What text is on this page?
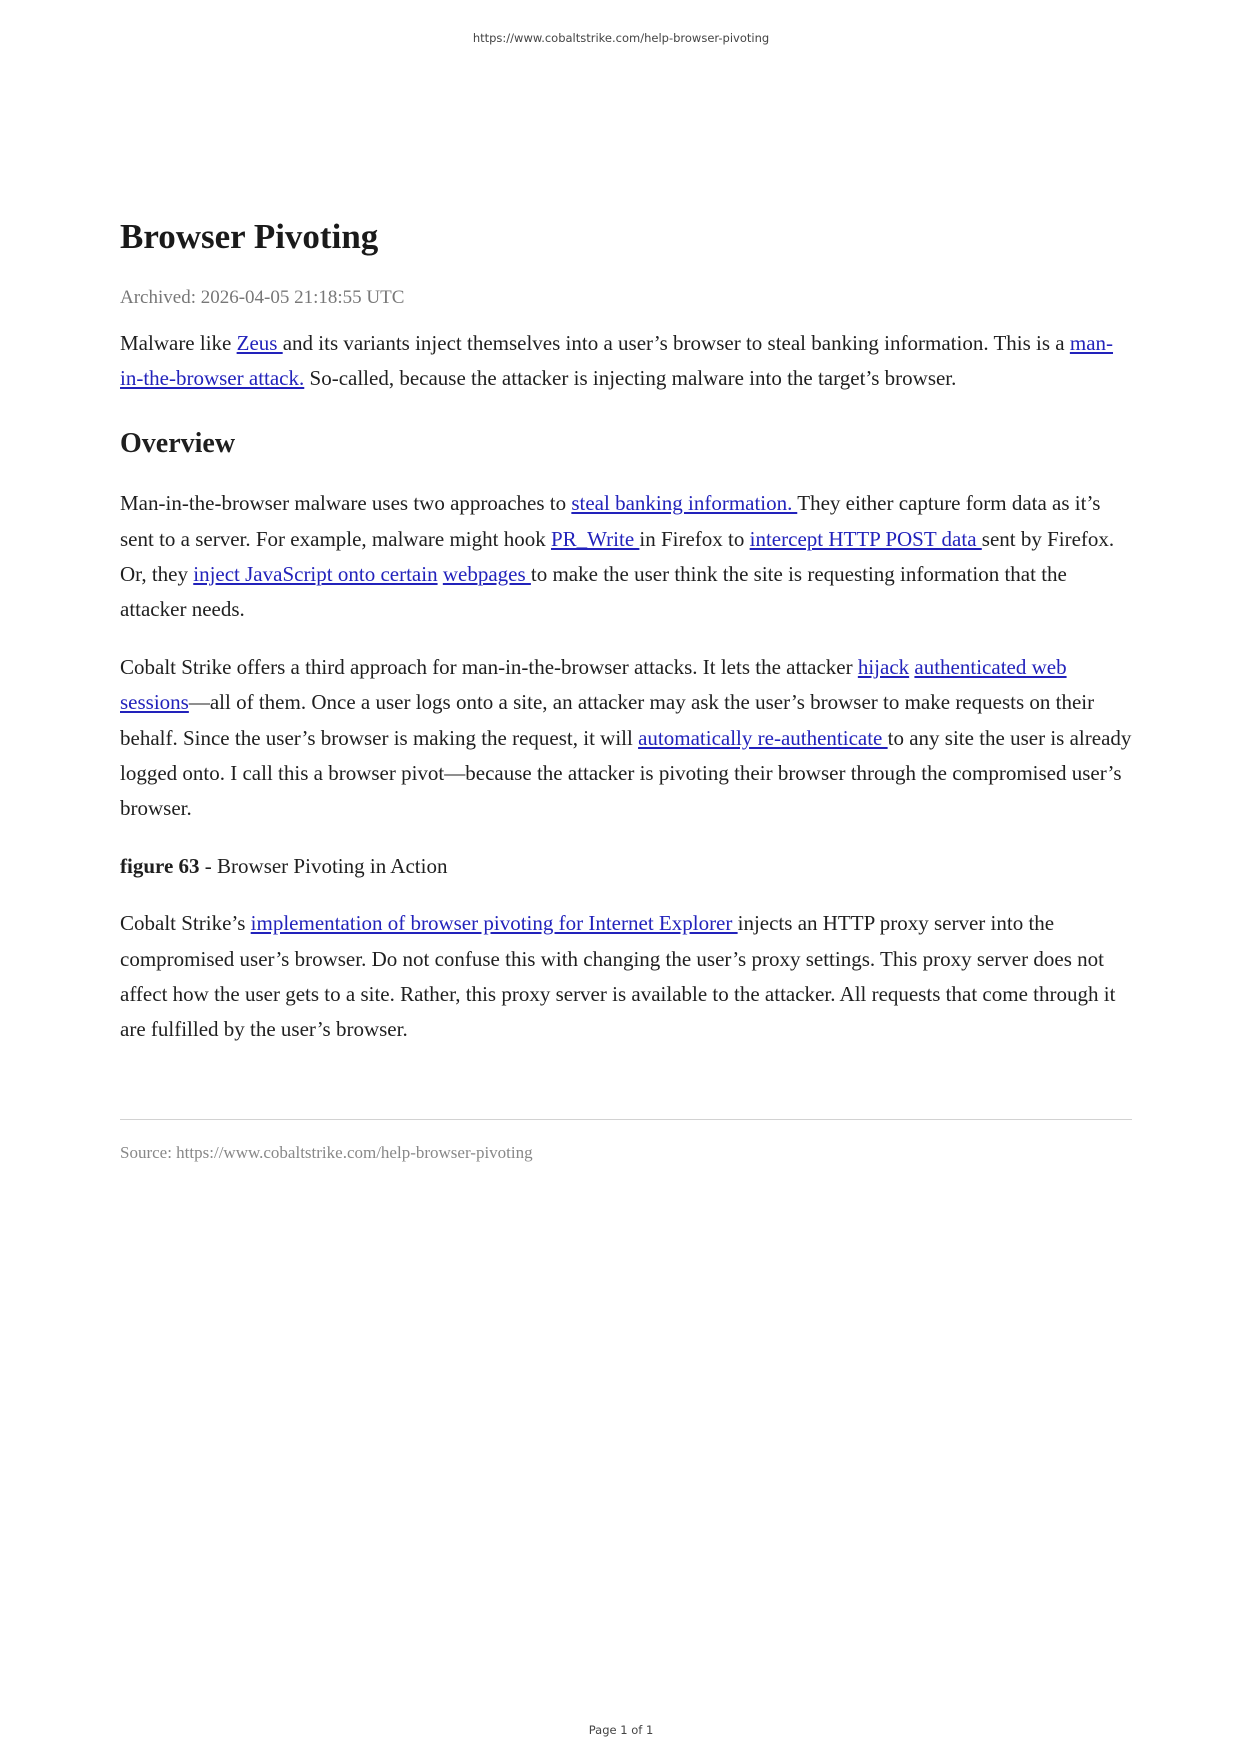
https://www.cobaltstrike.com/help-browser-pivoting
Browser Pivoting
Archived: 2026-04-05 21:18:55 UTC

Malware like Zeus and its variants inject themselves into a user’s browser to steal banking information. This is a man-in-the-browser attack. So-called, because the attacker is injecting malware into the target’s browser.

Overview

Man-in-the-browser malware uses two approaches to steal banking information. They either capture form data as it’s sent to a server. For example, malware might hook PR_Write in Firefox to intercept HTTP POST data sent by Firefox. Or, they inject JavaScript onto certain webpages to make the user think the site is requesting information that the attacker needs.

Cobalt Strike offers a third approach for man-in-the-browser attacks. It lets the attacker hijack authenticated web sessions—all of them. Once a user logs onto a site, an attacker may ask the user’s browser to make requests on their behalf. Since the user’s browser is making the request, it will automatically re-authenticate to any site the user is already logged onto. I call this a browser pivot—because the attacker is pivoting their browser through the compromised user’s browser.

figure 63 - Browser Pivoting in Action

Cobalt Strike’s implementation of browser pivoting for Internet Explorer injects an HTTP proxy server into the compromised user’s browser. Do not confuse this with changing the user’s proxy settings. This proxy server does not affect how the user gets to a site. Rather, this proxy server is available to the attacker. All requests that come through it are fulfilled by the user’s browser.

Source: https://www.cobaltstrike.com/help-browser-pivoting
Page 1 of 1
